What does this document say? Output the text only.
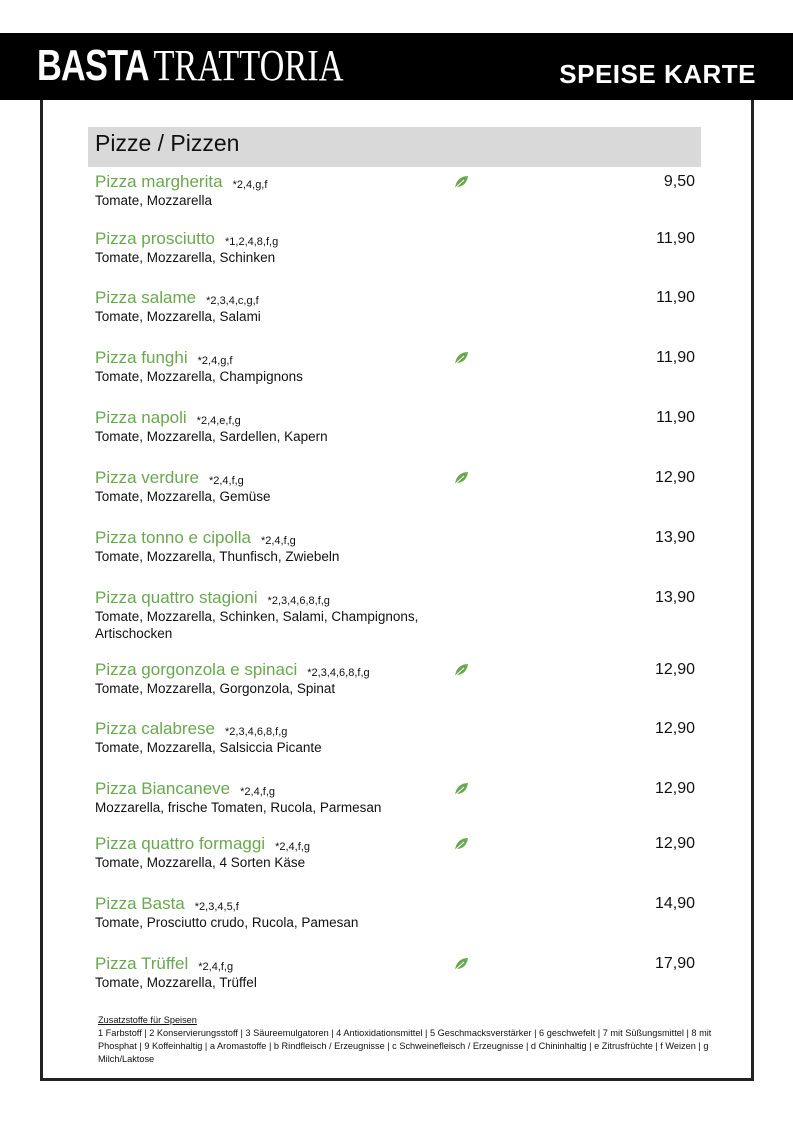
BASTA TRATTORIA	SPEISE KARTE
Pizze / Pizzen
Pizza margherita *2,4,g,f	9,50
Tomate, Mozzarella
Pizza prosciutto *1,2,4,8,f,g	11,90
Tomate, Mozzarella, Schinken
Pizza salame *2,3,4,c,g,f	11,90
Tomate, Mozzarella, Salami
Pizza funghi *2,4,g,f	11,90
Tomate, Mozzarella, Champignons
Pizza napoli *2,4,e,f,g	11,90
Tomate, Mozzarella, Sardellen, Kapern
Pizza verdure *2,4,f,g	12,90
Tomate, Mozzarella, Gemüse
Pizza tonno e cipolla *2,4,f,g	13,90
Tomate, Mozzarella, Thunfisch, Zwiebeln
Pizza quattro stagioni *2,3,4,6,8,f,g	13,90
Tomate, Mozzarella, Schinken, Salami, Champignons, Artischocken
Pizza gorgonzola e spinaci *2,3,4,6,8,f,g	12,90
Tomate, Mozzarella, Gorgonzola, Spinat
Pizza calabrese *2,3,4,6,8,f,g	12,90
Tomate, Mozzarella, Salsiccia Picante
Pizza Biancaneve *2,4,f,g	12,90
Mozzarella, frische Tomaten, Rucola, Parmesan
Pizza quattro formaggi *2,4,f,g	12,90
Tomate, Mozzarella, 4 Sorten Käse
Pizza Basta *2,3,4,5,f	14,90
Tomate, Prosciutto crudo, Rucola, Pamesan
Pizza Trüffel *2,4,f,g	17,90
Tomate, Mozzarella, Trüffel
Zusatzstoffe für Speisen
1 Farbstoff | 2 Konservierungsstoff | 3 Säureemulgatoren | 4 Antioxidationsmittel | 5 Geschmacksverstärker | 6 geschwefelt | 7 mit Süßungsmittel | 8 mit Phosphat | 9 Koffeinhaltig | a Aromastoffe | b Rindfleisch / Erzeugnisse | c Schweinefleisch / Erzeugnisse | d Chininhaltig | e Zitrusfrüchte | f Weizen | g Milch/Laktose
